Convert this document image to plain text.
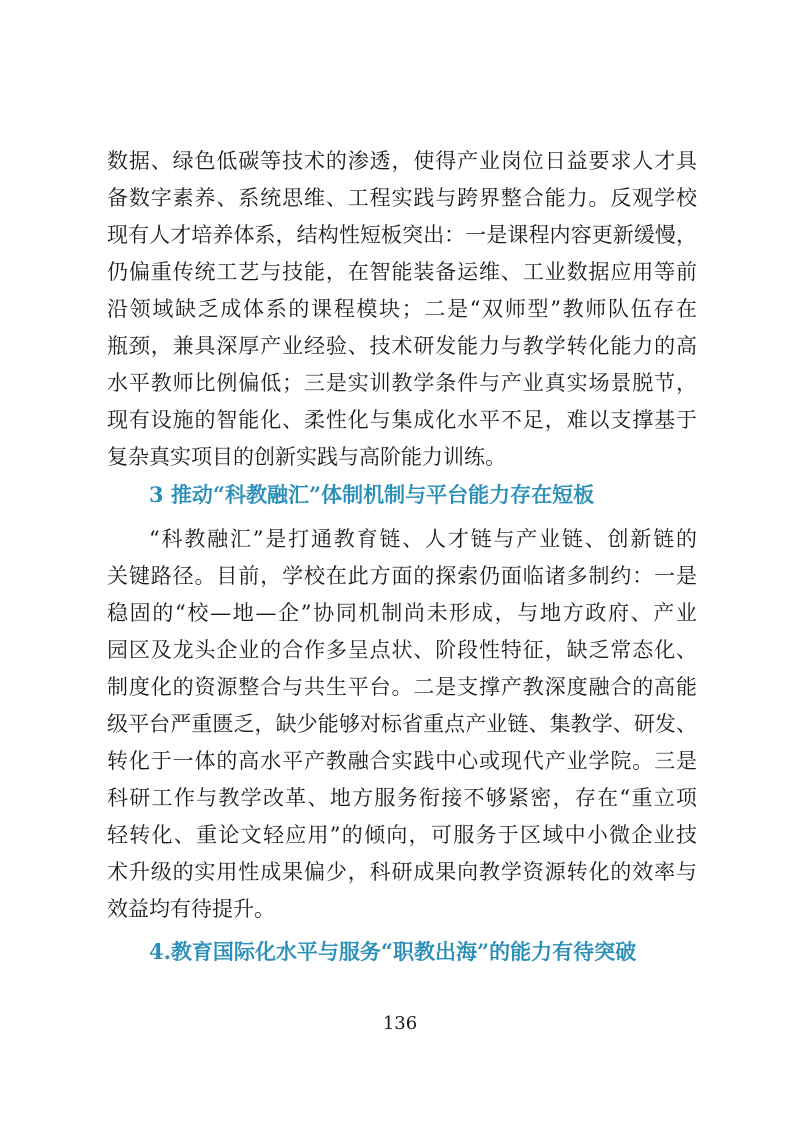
数据、绿色低碳等技术的渗透，使得产业岗位日益要求人才具
备数字素养、系统思维、工程实践与跨界整合能力。反观学校
现有人才培养体系，结构性短板突出：一是课程内容更新缓慢，
仍偏重传统工艺与技能，在智能装备运维、工业数据应用等前
沿领域缺乏成体系的课程模块；二是“双师型”教师队伍存在
瓶颈，兼具深厚产业经验、技术研发能力与教学转化能力的高
水平教师比例偏低；三是实训教学条件与产业真实场景脱节，
现有设施的智能化、柔性化与集成化水平不足，难以支撑基于
复杂真实项目的创新实践与高阶能力训练。
3 推动“科教融汇”体制机制与平台能力存在短板
“科教融汇”是打通教育链、人才链与产业链、创新链的
关键路径。目前，学校在此方面的探索仍面临诸多制约：一是
稳固的“校—地—企”协同机制尚未形成，与地方政府、产业
园区及龙头企业的合作多呈点状、阶段性特征，缺乏常态化、
制度化的资源整合与共生平台。二是支撑产教深度融合的高能
级平台严重匮乏，缺少能够对标省重点产业链、集教学、研发、
转化于一体的高水平产教融合实践中心或现代产业学院。三是
科研工作与教学改革、地方服务衔接不够紧密，存在“重立项
轻转化、重论文轻应用”的倾向，可服务于区域中小微企业技
术升级的实用性成果偏少，科研成果向教学资源转化的效率与
效益均有待提升。
4.教育国际化水平与服务“职教出海”的能力有待突破
136
